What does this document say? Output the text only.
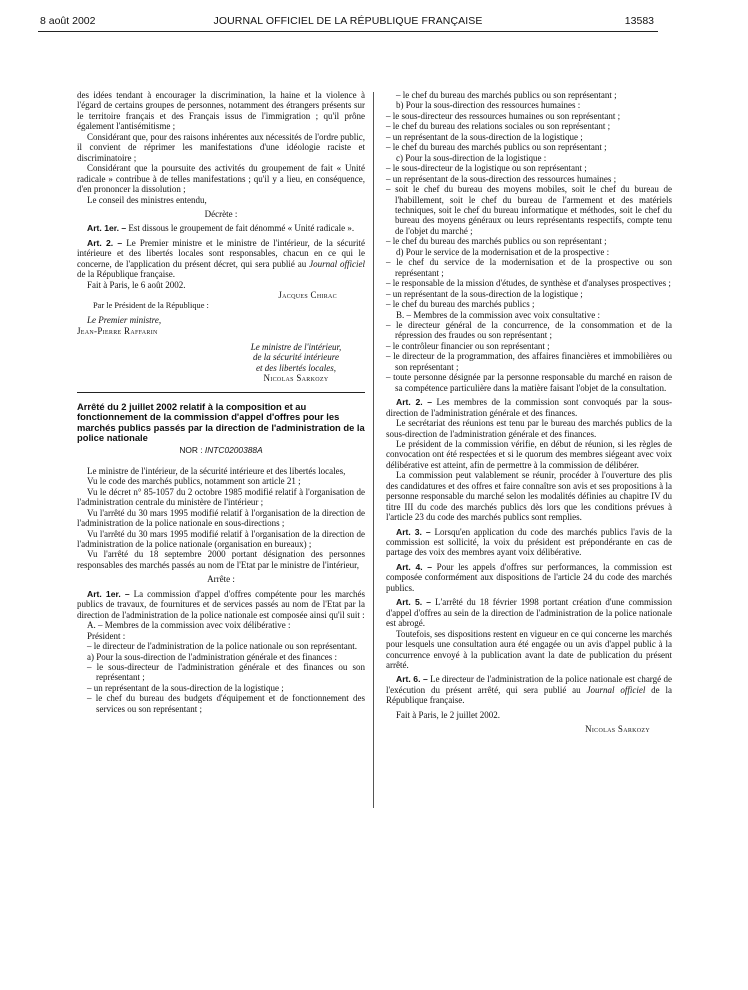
8 août 2002	JOURNAL OFFICIEL DE LA RÉPUBLIQUE FRANÇAISE	13583

des idées tendant à encourager la discrimination, la haine et la violence à l'égard de certains groupes de personnes, notamment des étrangers présents sur le territoire français et des Français issus de l'immigration ; qu'il prône également l'antisémitisme ;

Considérant que, pour des raisons inhérentes aux nécessités de l'ordre public, il convient de réprimer les manifestations d'une idéologie raciste et discriminatoire ;

Considérant que la poursuite des activités du groupement de fait « Unité radicale » contribue à de telles manifestations ; qu'il y a lieu, en conséquence, d'en prononcer la dissolution ;

Le conseil des ministres entendu,

Décrète :

Art. 1er. – Est dissous le groupement de fait dénommé « Unité radicale ».

Art. 2. – Le Premier ministre et le ministre de l'intérieur, de la sécurité intérieure et des libertés locales sont responsables, chacun en ce qui le concerne, de l'application du présent décret, qui sera publié au Journal officiel de la République française.

Fait à Paris, le 6 août 2002.

Jacques Chirac

Par le Président de la République :

Le Premier ministre,

Jean-Pierre Raffarin

Le ministre de l'intérieur,

de la sécurité intérieure

et des libertés locales,

Nicolas Sarkozy

Arrêté du 2 juillet 2002 relatif à la composition et au fonctionnement de la commission d'appel d'offres pour les marchés publics passés par la direction de l'administration de la police nationale

NOR : INTC0200388A

Le ministre de l'intérieur, de la sécurité intérieure et des libertés locales,

Vu le code des marchés publics, notamment son article 21 ;

Vu le décret n° 85-1057 du 2 octobre 1985 modifié relatif à l'organisation de l'administration centrale du ministère de l'intérieur ;

Vu l'arrêté du 30 mars 1995 modifié relatif à l'organisation de la direction de l'administration de la police nationale en sous-directions ;

Vu l'arrêté du 30 mars 1995 modifié relatif à l'organisation de la direction de l'administration de la police nationale (organisation en bureaux) ;

Vu l'arrêté du 18 septembre 2000 portant désignation des personnes responsables des marchés passés au nom de l'Etat par le ministre de l'intérieur,

Arrête :

Art. 1er. – La commission d'appel d'offres compétente pour les marchés publics de travaux, de fournitures et de services passés au nom de l'Etat par la direction de l'administration de la police nationale est composée ainsi qu'il suit :

A. – Membres de la commission avec voix délibérative :

Président :

– le directeur de l'administration de la police nationale ou son représentant.

a) Pour la sous-direction de l'administration générale et des finances :

– le sous-directeur de l'administration générale et des finances ou son représentant ;

– un représentant de la sous-direction de la logistique ;

– le chef du bureau des budgets d'équipement et de fonctionnement des services ou son représentant ;

– le chef du bureau des marchés publics ou son représentant ;

b) Pour la sous-direction des ressources humaines :

– le sous-directeur des ressources humaines ou son représentant ;

– le chef du bureau des relations sociales ou son représentant ;

– un représentant de la sous-direction de la logistique ;

– le chef du bureau des marchés publics ou son représentant ;

c) Pour la sous-direction de la logistique :

– le sous-directeur de la logistique ou son représentant ;

– un représentant de la sous-direction des ressources humaines ;

– soit le chef du bureau des moyens mobiles, soit le chef du bureau de l'habillement, soit le chef du bureau de l'armement et des matériels techniques, soit le chef du bureau informatique et méthodes, soit le chef du bureau des moyens généraux ou leurs représentants respectifs, compte tenu de l'objet du marché ;

– le chef du bureau des marchés publics ou son représentant ;

d) Pour le service de la modernisation et de la prospective :

– le chef du service de la modernisation et de la prospective ou son représentant ;

– le responsable de la mission d'études, de synthèse et d'analyses prospectives ;

– un représentant de la sous-direction de la logistique ;

– le chef du bureau des marchés publics ;

B. – Membres de la commission avec voix consultative :

– le directeur général de la concurrence, de la consommation et de la répression des fraudes ou son représentant ;

– le contrôleur financier ou son représentant ;

– le directeur de la programmation, des affaires financières et immobilières ou son représentant ;

– toute personne désignée par la personne responsable du marché en raison de sa compétence particulière dans la matière faisant l'objet de la consultation.

Art. 2. – Les membres de la commission sont convoqués par la sous-direction de l'administration générale et des finances.

Le secrétariat des réunions est tenu par le bureau des marchés publics de la sous-direction de l'administration générale et des finances.

Le président de la commission vérifie, en début de réunion, si les règles de convocation ont été respectées et si le quorum des membres siégeant avec voix délibérative est atteint, afin de permettre à la commission de délibérer.

La commission peut valablement se réunir, procéder à l'ouverture des plis des candidatures et des offres et faire connaître son avis et ses propositions à la personne responsable du marché selon les modalités définies au chapitre IV du titre III du code des marchés publics dès lors que les conditions prévues à l'article 23 du code des marchés publics sont remplies.

Art. 3. – Lorsqu'en application du code des marchés publics l'avis de la commission est sollicité, la voix du président est prépondérante en cas de partage des voix des membres ayant voix délibérative.

Art. 4. – Pour les appels d'offres sur performances, la commission est composée conformément aux dispositions de l'article 24 du code des marchés publics.

Art. 5. – L'arrêté du 18 février 1998 portant création d'une commission d'appel d'offres au sein de la direction de l'administration de la police nationale est abrogé.

Toutefois, ses dispositions restent en vigueur en ce qui concerne les marchés pour lesquels une consultation aura été engagée ou un avis d'appel public à la concurrence envoyé à la publication avant la date de publication du présent arrêté.

Art. 6. – Le directeur de l'administration de la police nationale est chargé de l'exécution du présent arrêté, qui sera publié au Journal officiel de la République française.

Fait à Paris, le 2 juillet 2002.

Nicolas Sarkozy
